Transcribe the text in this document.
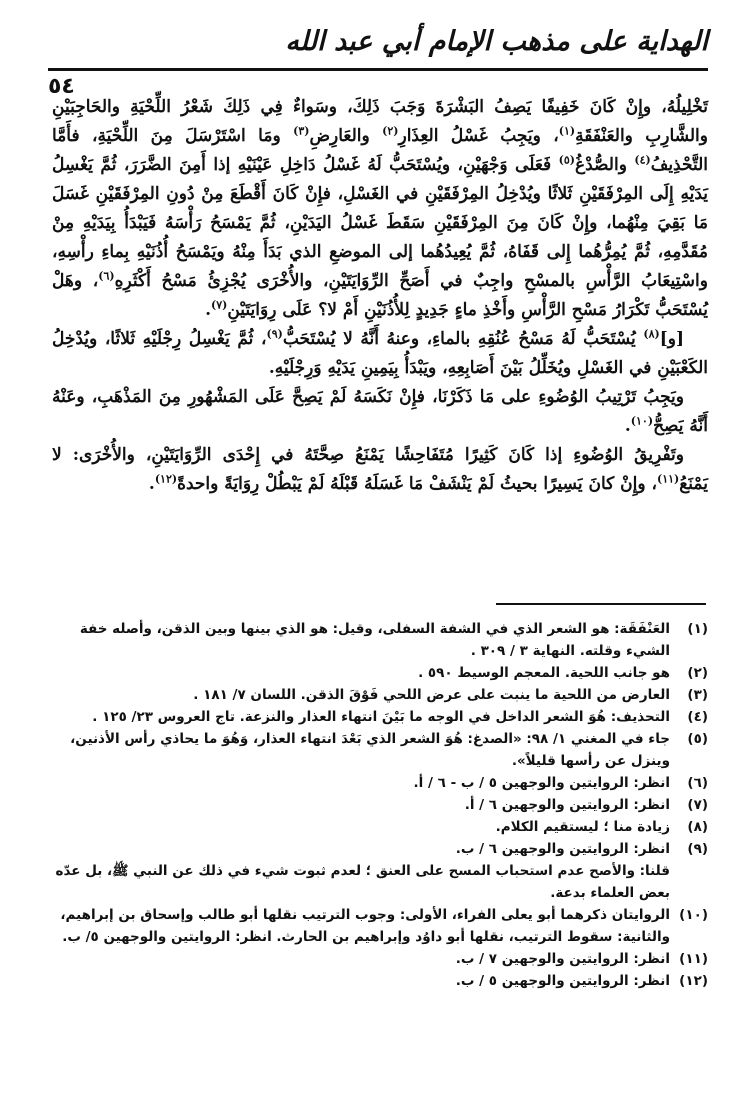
الهداية على مذهب الإمام أبي عبد الله
٥٤

تَخْلِيلُهُ، وإِنْ كَانَ خَفِيفًا يَصِفُ البَشْرَةَ وَجَبَ ذَلِكَ، وسَواءٌ فِي ذَلِكَ شَعْرُ اللِّحْيَةِ والحَاجِبَيْنِ والشَّارِبِ والعَنْفَقَةِ$^{(١)}$، ويَجِبُ غَسْلُ العِذَارِ$^{(٢)}$ والعَارِضِ$^{(٣)}$ ومَا اسْتَرْسَلَ مِنَ اللِّحْيَةِ، فأَمَّا التَّحْذِيفُ$^{(٤)}$ والصُّدْغُ$^{(٥)}$ فَعَلَى وَجْهَيْنِ، ويُسْتَحَبُّ لَهُ غَسْلُ دَاخِلِ عَيْنَيْهِ إذا أَمِنَ الضَّرَرَ، ثُمَّ يَغْسِلُ يَدَيْهِ إِلَى المِرْفَقَيْنِ ثَلاثًا ويُدْخِلُ المِرْفَقَيْنِ في الغَسْلِ، فإِنْ كَانَ أَقْطَعَ مِنْ دُونِ المِرْفَقَيْنِ غَسَلَ مَا بَقِيَ مِنْهُما، وإِنْ كَانَ مِنَ المِرْفَقَيْنِ سَقَطَ غَسْلُ اليَدَيْنِ، ثُمَّ يَمْسَحُ رَأْسَهُ فَيَبْدَأُ بِيَدَيْهِ مِنْ مُقَدَّمِهِ، ثُمَّ يُمِرُّهُما إِلى قَفَاهُ، ثُمَّ يُعِيدُهُما إلى الموضعِ الذي بَدَأَ مِنْهُ ويَمْسَحُ أُذُنَيْهِ بِماءِ رأْسِهِ، واسْتِيعَابُ الرَّأْسِ بالمسْحِ واجِبٌ في أَصَحِّ الرِّوَايَتَيْنِ، والأُخْرَى يُجْزِئُ مَسْحُ أَكْثَرِهِ$^{(٦)}$، وهَلْ يُسْتَحَبُّ تَكْرَارُ مَسْحِ الرَّأْسِ وأَخْذِ ماءٍ جَدِيدٍ لِلأُذُنَيْنِ أَمْ لا؟ عَلَى رِوَايَتَيْنِ$^{(٧)}$.

[و]$^{(٨)}$ يُسْتَحَبُّ لَهُ مَسْحُ عُنُقِهِ بالماءِ، وعنهُ أَنَّهُ لا يُسْتَحَبُّ$^{(٩)}$، ثُمَّ يَغْسِلُ رِجْلَيْهِ ثَلاثًا، ويُدْخِلُ الكَعْبَيْنِ في الغَسْلِ ويُخَلِّلُ بَيْنَ أَصَابِعِهِ، ويَبْدَأُ بِيَمِينِ يَدَيْهِ وَرِجْلَيْهِ.

ويَجِبُ تَرْتِيبُ الوُضُوءِ على مَا ذَكَرْنَا، فإِنْ نَكَسَهُ لَمْ يَصِحَّ عَلَى المَشْهُورِ مِنَ المَذْهَبِ، وعَنْهُ أَنَّهُ يَصِحُّ$^{(١٠)}$.

وتَفْرِيقُ الوُضُوءِ إذا كَانَ كَثِيرًا مُتَفَاحِشًا يَمْنَعُ صِحَّتَهُ في إِحْدَى الرِّوَايَتَيْنِ، والأُخْرَى: لا يَمْنَعُ$^{(١١)}$، وإِنْ كانَ يَسِيرًا بحيثُ لَمْ يَنْشَفْ مَا غَسَلَهُ قَبْلَهُ لَمْ يَبْطُلْ رِوَايَةً واحدةً$^{(١٢)}$.

(١)
العَنْفَقَة: هو الشعر الذي في الشفة السفلى، وقيل: هو الذي بينها وبين الذقن، وأصله خفة الشيء وقلته. النهاية ٣ / ٣٠٩ .
(٢)
هو جانب اللحية. المعجم الوسيط ٥٩٠ .
(٣)
العارض من اللحية ما ينبت على عرض اللحي فَوْقَ الذقن. اللسان ٧/ ١٨١ .
(٤)
التحذيف: هُوَ الشعر الداخل في الوجه ما بَيْنَ انتهاء العذار والنزعة. تاج العروس ٢٣/ ١٢٥ .
(٥)
جاء في المغني ١/ ٩٨: «الصدغ: هُوَ الشعر الذي بَعْدَ انتهاء العذار، وَهُوَ ما يحاذي رأس الأذنين، وينزل عن رأسها قليلاً».
(٦)
انظر: الروايتين والوجهين ٥ / ب - ٦ / أ.
(٧)
انظر: الروايتين والوجهين ٦ / أ.
(٨)
زيادة منا ؛ ليستقيم الكلام.
(٩)
انظر: الروايتين والوجهين ٦ / ب.
قلنا: والأصح عدم استحباب المسح على العنق ؛ لعدم ثبوت شيء في ذلك عن النبي ﷺ، بل عدّه بعض العلماء بدعة.
(١٠)
الروايتان ذكرهما أبو يعلى الفراء، الأولى: وجوب الترتيب نقلها أبو طالب وإسحاق بن إبراهيم، والثانية: سقوط الترتيب، نقلها أبو داوُد وإبراهيم بن الحارث. انظر: الروايتين والوجهين ٥/ ب.
(١١)
انظر: الروايتين والوجهين ٧ / ب.
(١٢)
انظر: الروايتين والوجهين ٥ / ب.
